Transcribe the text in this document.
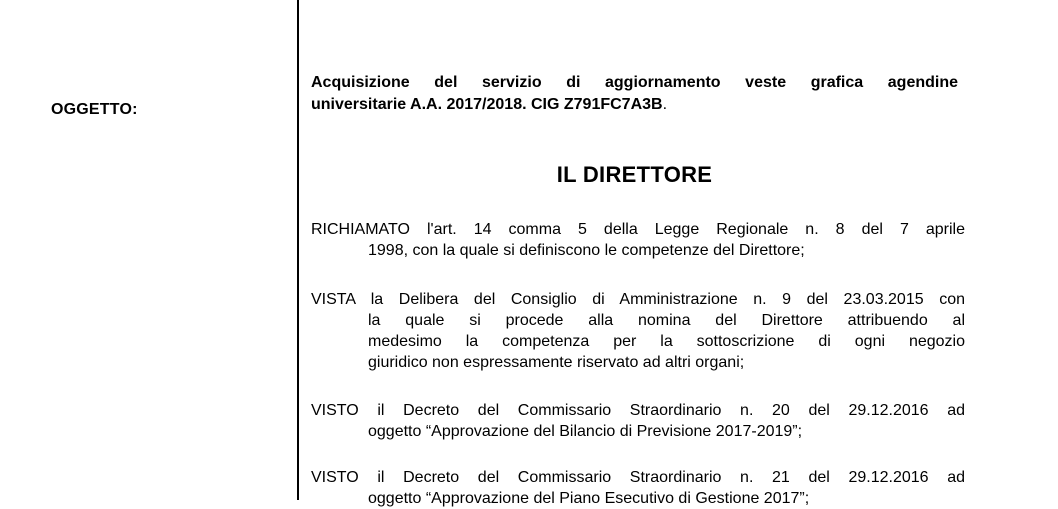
OGGETTO:
Acquisizione del servizio di aggiornamento veste grafica agendine
universitarie A.A. 2017/2018. CIG Z791FC7A3B.
IL DIRETTORE
RICHIAMATO l'art. 14 comma 5 della Legge Regionale n. 8 del 7 aprile
1998, con la quale si definiscono le competenze del Direttore;
VISTA la Delibera del Consiglio di Amministrazione n. 9 del 23.03.2015 con
la quale si procede alla nomina del Direttore attribuendo al
medesimo la competenza per la sottoscrizione di ogni negozio
giuridico non espressamente riservato ad altri organi;
VISTO il Decreto del Commissario Straordinario n. 20 del 29.12.2016 ad
oggetto “Approvazione del Bilancio di Previsione 2017-2019”;
VISTO il Decreto del Commissario Straordinario n. 21 del 29.12.2016 ad
oggetto “Approvazione del Piano Esecutivo di Gestione 2017”;
